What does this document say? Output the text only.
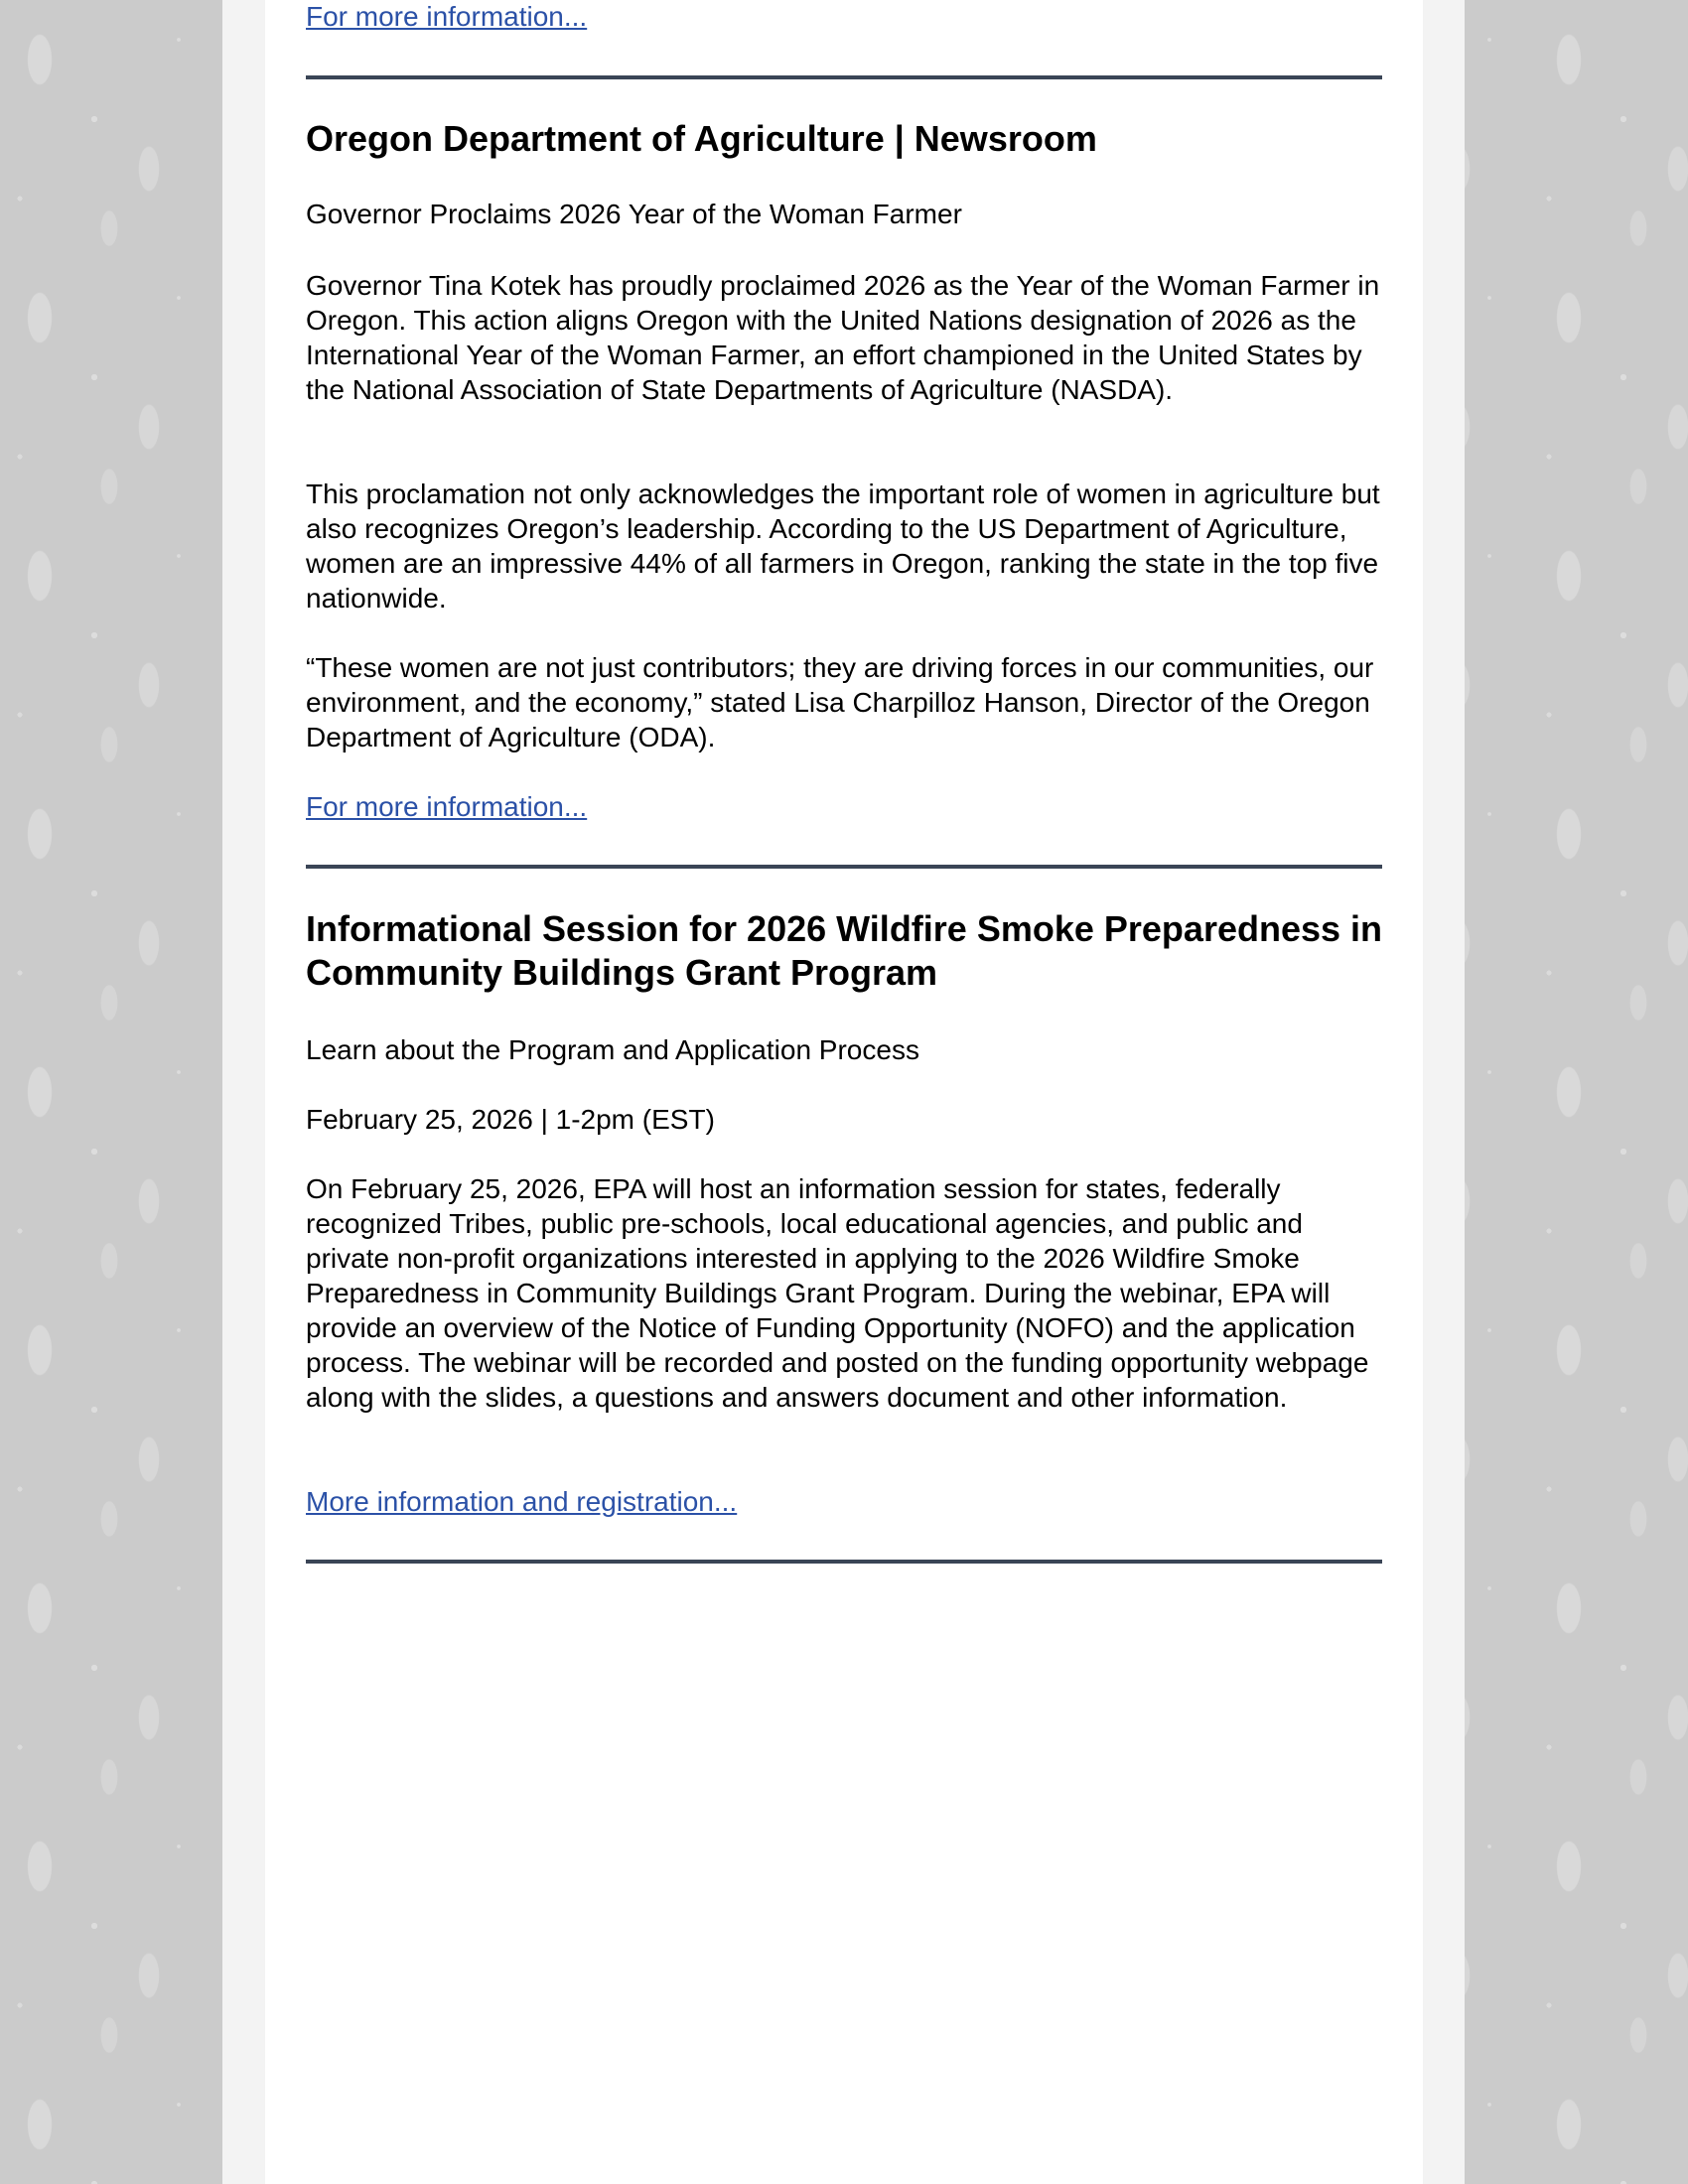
For more information...
Oregon Department of Agriculture | Newsroom

Governor Proclaims 2026 Year of the Woman Farmer

Governor Tina Kotek has proudly proclaimed 2026 as the Year of the Woman Farmer in Oregon. This action aligns Oregon with the United Nations designation of 2026 as the International Year of the Woman Farmer, an effort championed in the United States by the National Association of State Departments of Agriculture (NASDA).

This proclamation not only acknowledges the important role of women in agriculture but also recognizes Oregon’s leadership. According to the US Department of Agriculture, women are an impressive 44% of all farmers in Oregon, ranking the state in the top five nationwide.

“These women are not just contributors; they are driving forces in our communities, our environment, and the economy,” stated Lisa Charpilloz Hanson, Director of the Oregon Department of Agriculture (ODA).

For more information...
Informational Session for 2026 Wildfire Smoke Preparedness in Community Buildings Grant Program

Learn about the Program and Application Process

February 25, 2026 | 1-2pm (EST)

On February 25, 2026, EPA will host an information session for states, federally recognized Tribes, public pre-schools, local educational agencies, and public and private non-profit organizations interested in applying to the 2026 Wildfire Smoke Preparedness in Community Buildings Grant Program. During the webinar, EPA will provide an overview of the Notice of Funding Opportunity (NOFO) and the application process. The webinar will be recorded and posted on the funding opportunity webpage along with the slides, a questions and answers document and other information.

More information and registration...
